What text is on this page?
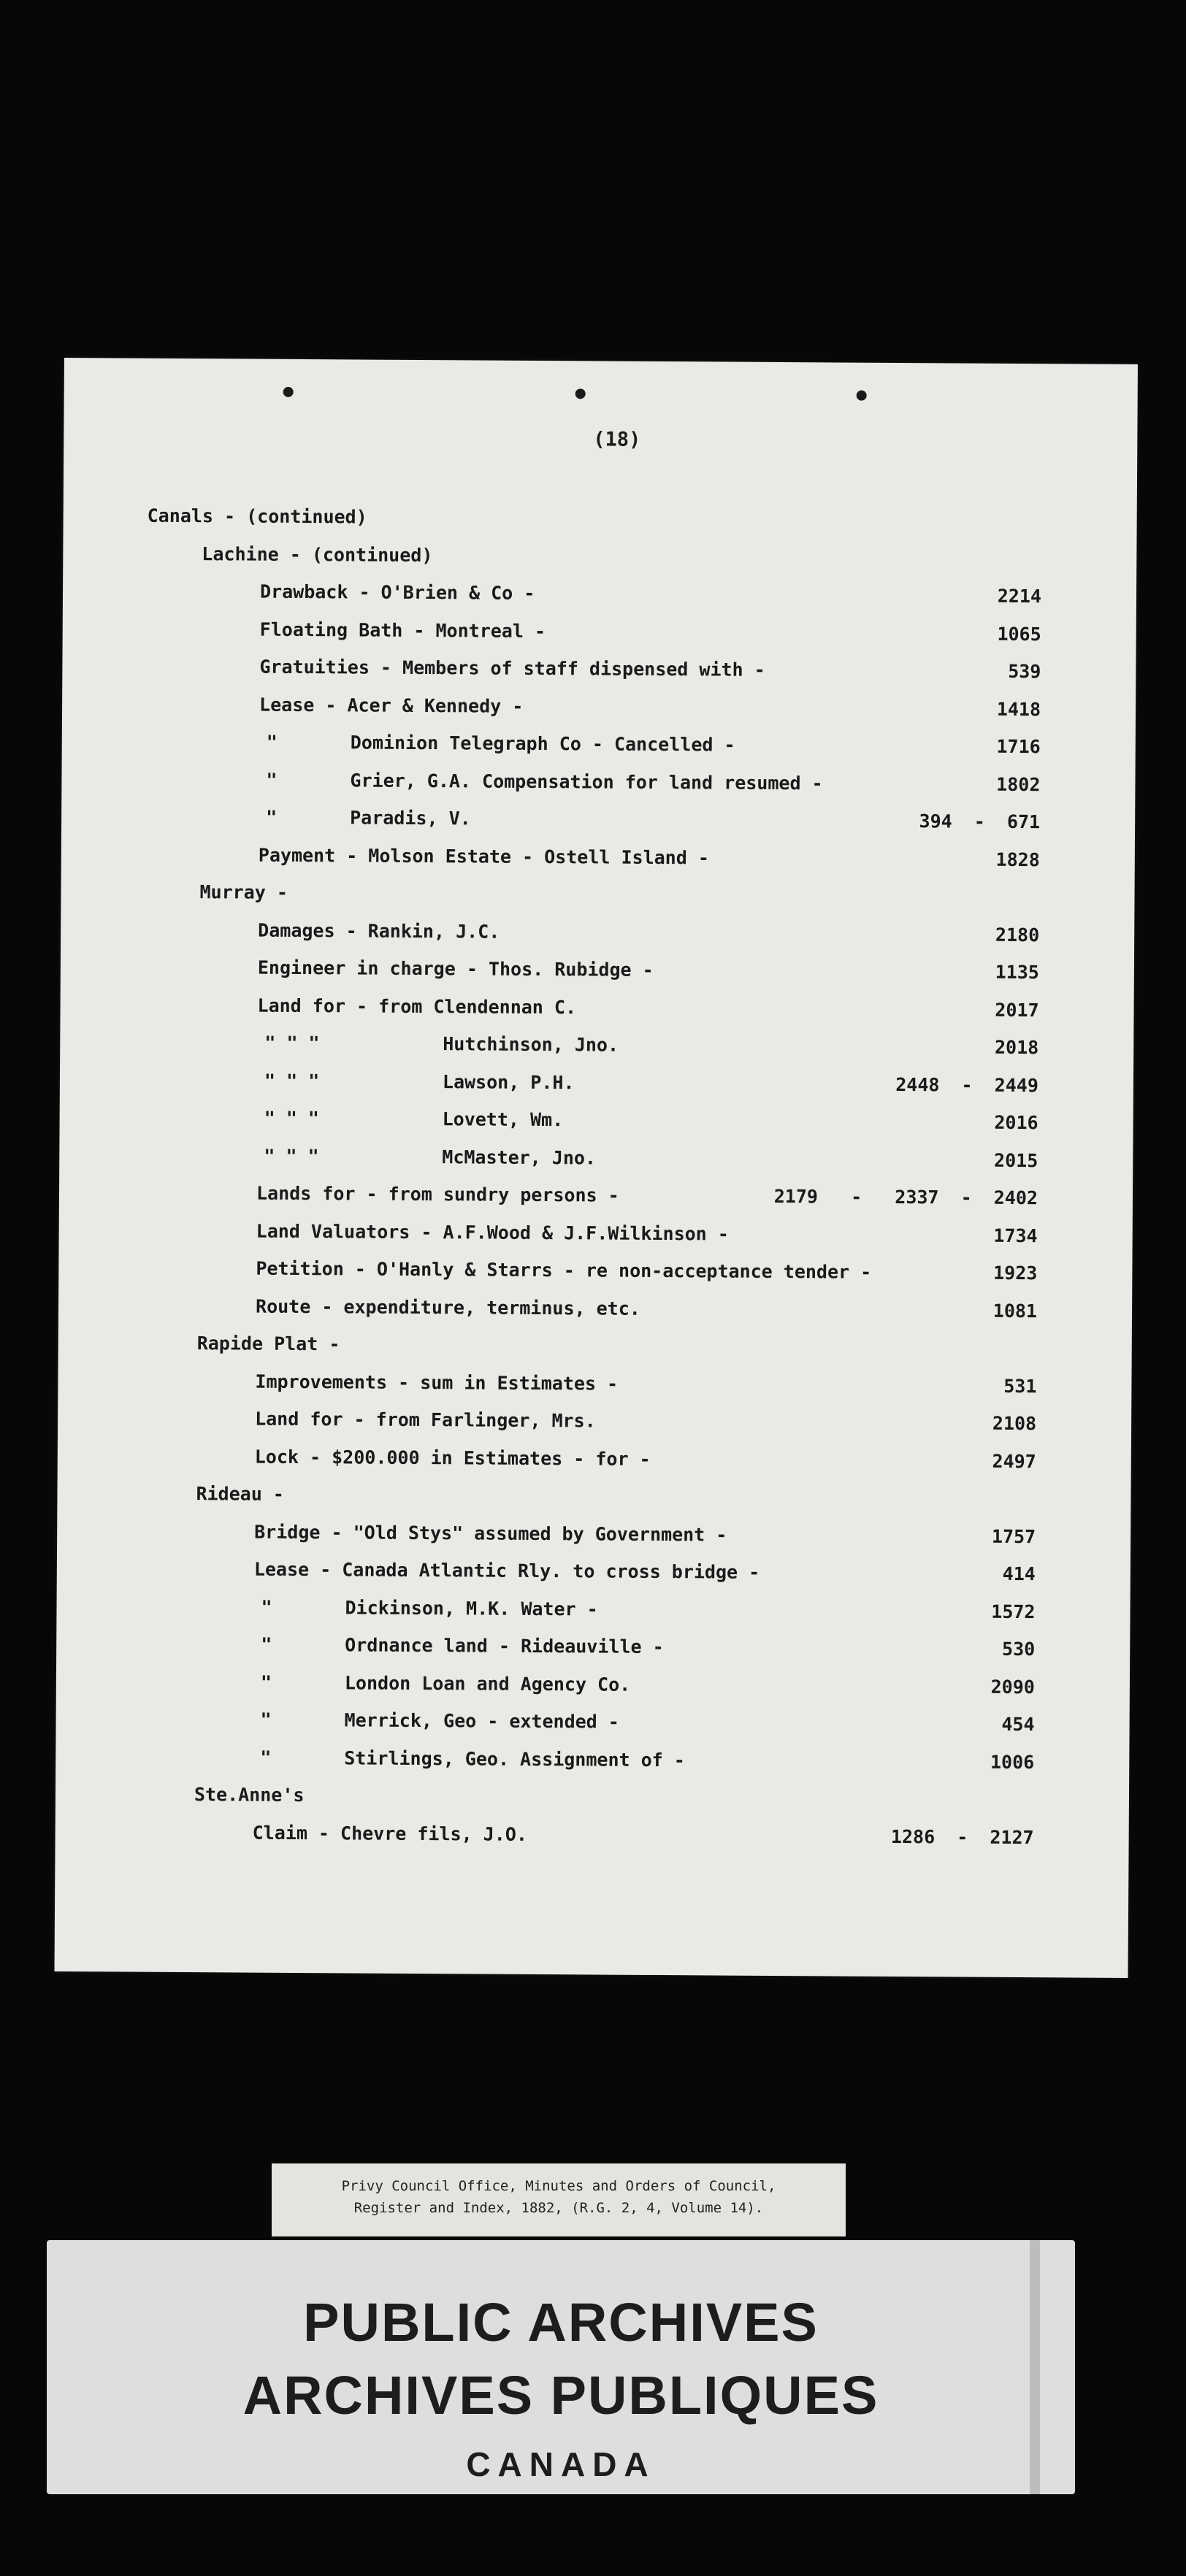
(18)
Canals - (continued)
Lachine - (continued)
Drawback - O'Brien & Co -	2214
Floating Bath - Montreal -	1065
Gratuities - Members of staff dispensed with -	539
Lease - Acer & Kennedy -	1418
"	Dominion Telegraph Co - Cancelled -	1716
"	Grier, G.A. Compensation for land resumed -	1802
"	Paradis, V.	394  -  671
Payment - Molson Estate - Ostell Island -	1828
Murray -
Damages - Rankin, J.C.	2180
Engineer in charge - Thos. Rubidge -	1135
Land for - from Clendennan C.	2017
" " "	Hutchinson, Jno.	2018
" " "	Lawson, P.H.	2448  -  2449
" " "	Lovett, Wm.	2016
" " "	McMaster, Jno.	2015
Lands for - from sundry persons -	2179   -   2337  -  2402
Land Valuators - A.F.Wood & J.F.Wilkinson -	1734
Petition - O'Hanly & Starrs - re non-acceptance tender -	1923
Route - expenditure, terminus, etc.	1081
Rapide Plat -
Improvements - sum in Estimates -	531
Land for - from Farlinger, Mrs.	2108
Lock - $200.000 in Estimates - for -	2497
Rideau -
Bridge - "Old Stys" assumed by Government -	1757
Lease - Canada Atlantic Rly. to cross bridge -	414
"	Dickinson, M.K. Water -	1572
"	Ordnance land - Rideauville -	530
"	London Loan and Agency Co.	2090
"	Merrick, Geo - extended -	454
"	Stirlings, Geo. Assignment of -	1006
Ste.Anne's
Claim - Chevre fils, J.O.	1286  -  2127
Privy Council Office, Minutes and Orders of Council,
Register and Index, 1882, (R.G. 2, 4, Volume 14).
PUBLIC ARCHIVES
ARCHIVES PUBLIQUES
CANADA
